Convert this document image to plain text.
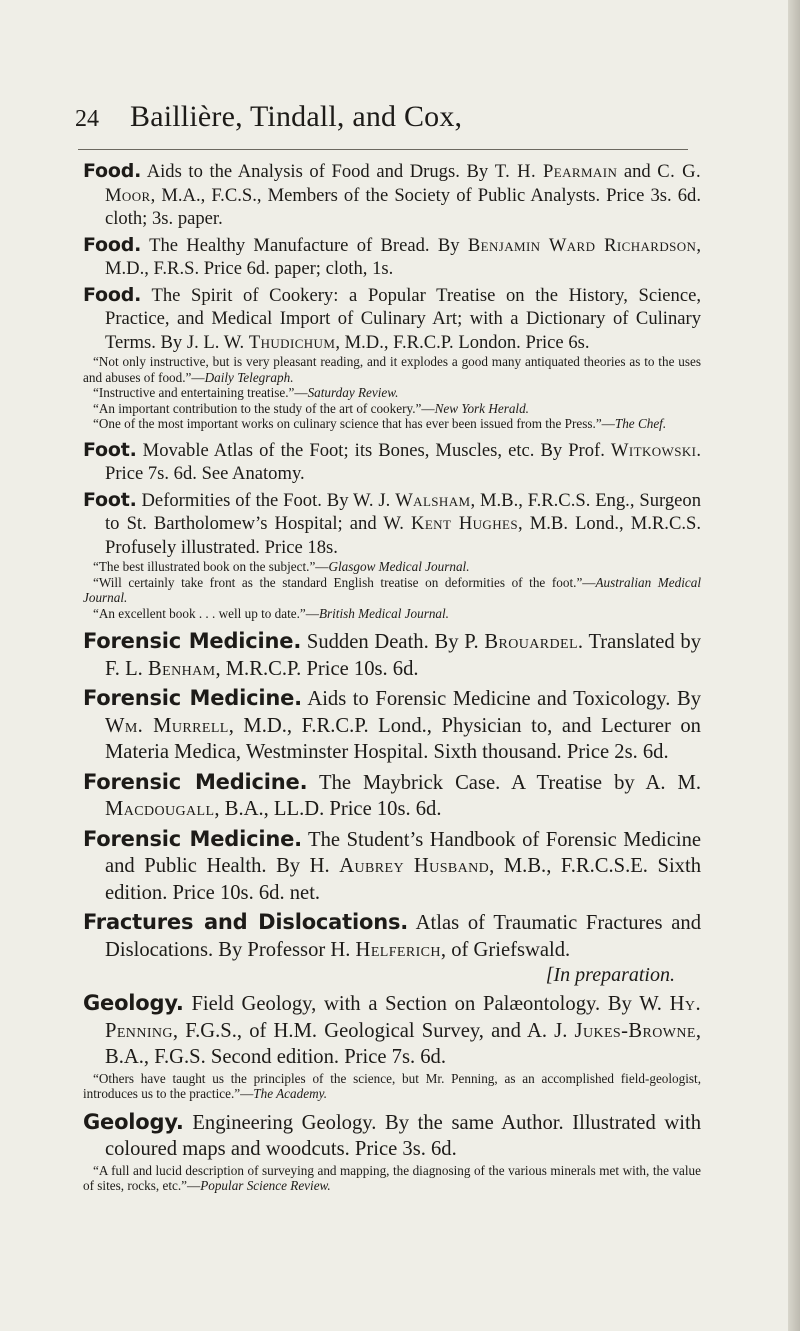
24 Baillière, Tindall, and Cox,
Food. Aids to the Analysis of Food and Drugs. By T. H. Pearmain and C. G. Moor, M.A., F.C.S., Members of the Society of Public Analysts. Price 3s. 6d. cloth; 3s. paper.
Food. The Healthy Manufacture of Bread. By Benjamin Ward Richardson, M.D., F.R.S. Price 6d. paper; cloth, 1s.
Food. The Spirit of Cookery: a Popular Treatise on the History, Science, Practice, and Medical Import of Culinary Art; with a Dictionary of Culinary Terms. By J. L. W. Thudichum, M.D., F.R.C.P. London. Price 6s.

“Not only instructive, but is very pleasant reading, and it explodes a good many antiquated theories as to the uses and abuses of food.”—Daily Telegraph.

“Instructive and entertaining treatise.”—Saturday Review.

“An important contribution to the study of the art of cookery.”—New York Herald.

“One of the most important works on culinary science that has ever been issued from the Press.”—The Chef.

Foot. Movable Atlas of the Foot; its Bones, Muscles, etc. By Prof. Witkowski. Price 7s. 6d. See Anatomy.
Foot. Deformities of the Foot. By W. J. Walsham, M.B., F.R.C.S. Eng., Surgeon to St. Bartholomew’s Hospital; and W. Kent Hughes, M.B. Lond., M.R.C.S. Profusely illustrated. Price 18s.

“The best illustrated book on the subject.”—Glasgow Medical Journal.

“Will certainly take front as the standard English treatise on deformities of the foot.”—Australian Medical Journal.

“An excellent book . . . well up to date.”—British Medical Journal.

Forensic Medicine. Sudden Death. By P. Brouardel. Translated by F. L. Benham, M.R.C.P. Price 10s. 6d.
Forensic Medicine. Aids to Forensic Medicine and Toxicology. By Wm. Murrell, M.D., F.R.C.P. Lond., Physician to, and Lecturer on Materia Medica, Westminster Hospital. Sixth thousand. Price 2s. 6d.
Forensic Medicine. The Maybrick Case. A Treatise by A. M. Macdougall, B.A., LL.D. Price 10s. 6d.
Forensic Medicine. The Student’s Handbook of Forensic Medicine and Public Health. By H. Aubrey Husband, M.B., F.R.C.S.E. Sixth edition. Price 10s. 6d. net.
Fractures and Dislocations. Atlas of Traumatic Fractures and Dislocations. By Professor H. Helferich, of Griefswald.
[In preparation.
Geology. Field Geology, with a Section on Palæontology. By W. Hy. Penning, F.G.S., of H.M. Geological Survey, and A. J. Jukes-Browne, B.A., F.G.S. Second edition. Price 7s. 6d.

“Others have taught us the principles of the science, but Mr. Penning, as an accomplished field-geologist, introduces us to the practice.”—The Academy.

Geology. Engineering Geology. By the same Author. Illustrated with coloured maps and woodcuts. Price 3s. 6d.

“A full and lucid description of surveying and mapping, the diagnosing of the various minerals met with, the value of sites, rocks, etc.”—Popular Science Review.
